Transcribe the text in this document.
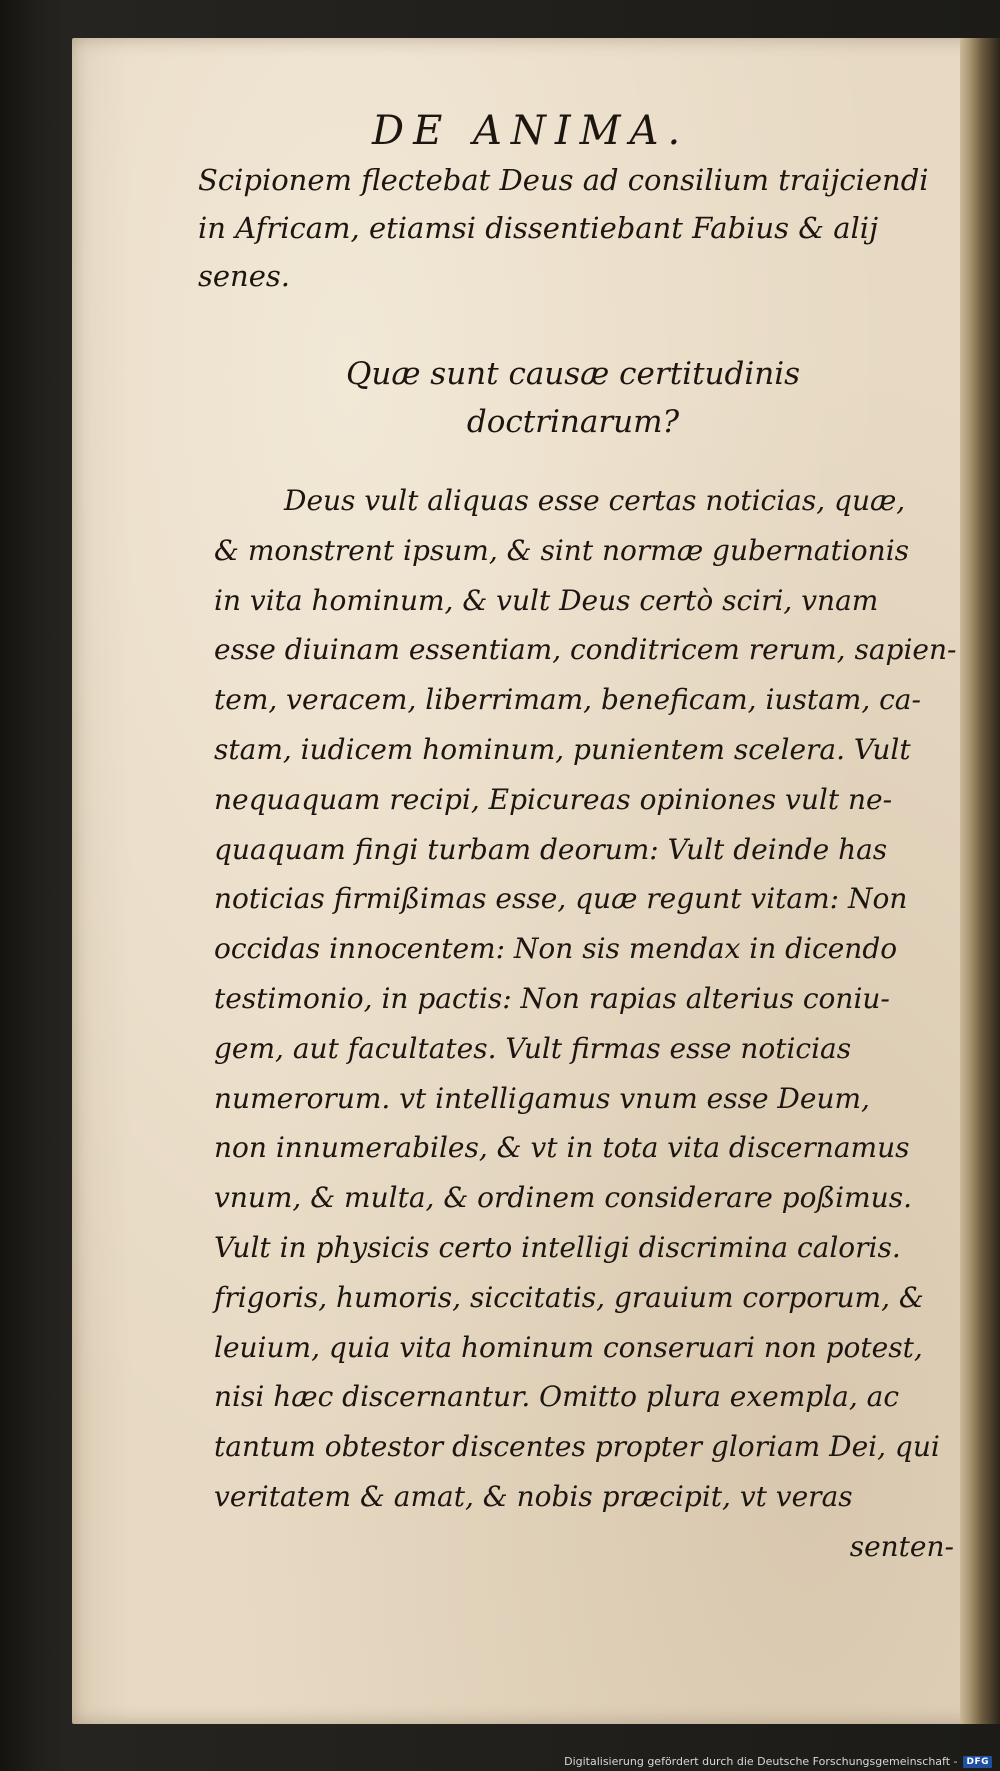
DE ANIMA.
Scipionem flectebat Deus ad consilium traijciendi
in Africam, etiamsi dissentiebant Fabius & alij
senes.
Quæ sunt causæ certitudinis
doctrinarum?
Deus vult aliquas esse certas noticias, quæ,
& monstrent ipsum, & sint normæ gubernationis
in vita hominum, & vult Deus certò sciri, vnam
esse diuinam essentiam, conditricem rerum, sapien-
tem, veracem, liberrimam, beneficam, iustam, ca-
stam, iudicem hominum, punientem scelera. Vult
nequaquam recipi, Epicureas opiniones vult ne-
quaquam fingi turbam deorum: Vult deinde has
noticias firmißimas esse, quæ regunt vitam: Non
occidas innocentem: Non sis mendax in dicendo
testimonio, in pactis: Non rapias alterius coniu-
gem, aut facultates. Vult firmas esse noticias
numerorum. vt intelligamus vnum esse Deum,
non innumerabiles, & vt in tota vita discernamus
vnum, & multa, & ordinem considerare poßimus.
Vult in physicis certo intelligi discrimina caloris.
frigoris, humoris, siccitatis, grauium corporum, &
leuium, quia vita hominum conseruari non potest,
nisi hæc discernantur. Omitto plura exempla, ac
tantum obtestor discentes propter gloriam Dei, qui
veritatem & amat, & nobis præcipit, vt veras
senten-
Digitalisierung gefördert durch die Deutsche Forschungsgemeinschaft -	DFG
